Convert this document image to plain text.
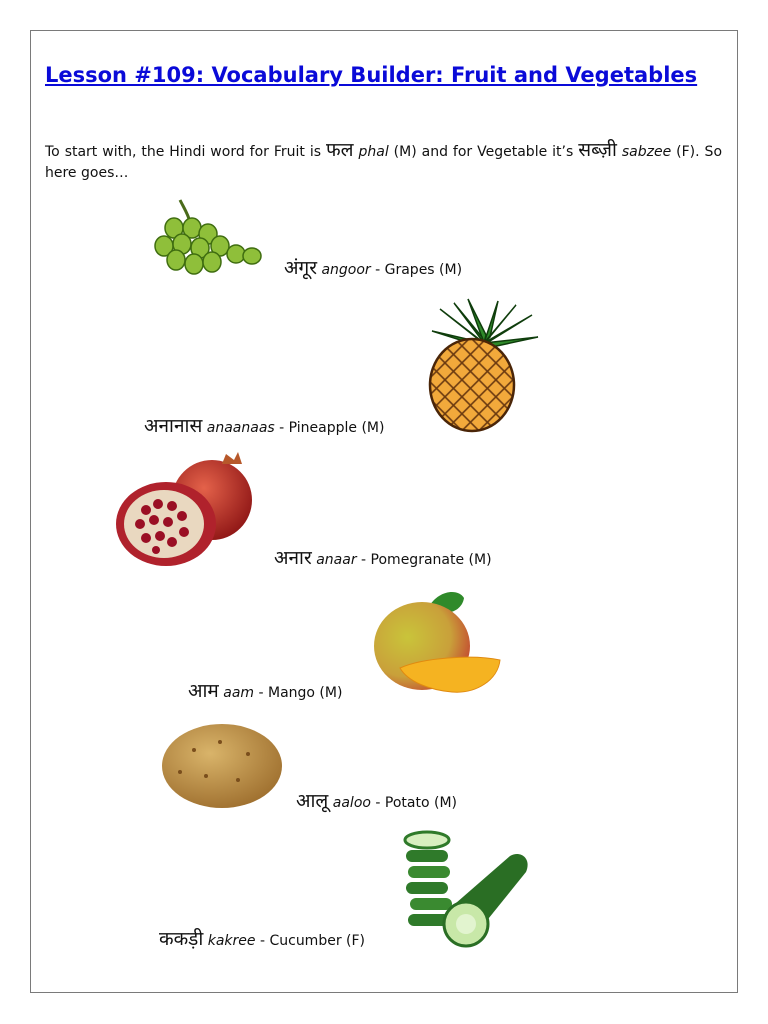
Lesson #109: Vocabulary Builder: Fruit and Vegetables

To start with, the Hindi word for Fruit is फल phal (M) and for Vegetable it’s सब्ज़ी sabzee (F). So here goes…

अंगूर angoor - Grapes (M)
अनानास anaanaas - Pineapple (M)
अनार anaar - Pomegranate (M)
आम aam - Mango (M)
आलू aaloo - Potato (M)
ककड़ी kakree - Cucumber (F)
